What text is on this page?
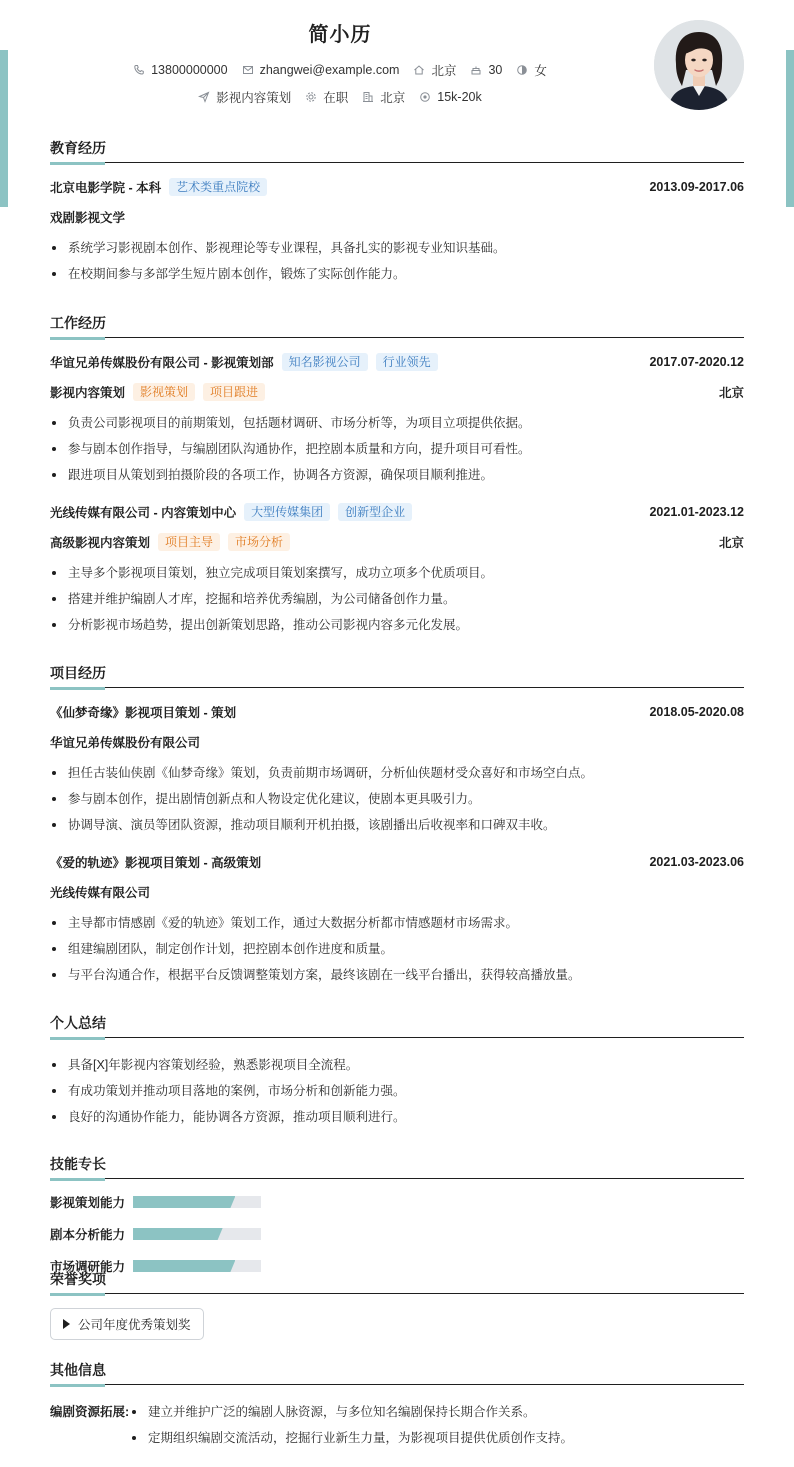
简小历
13800000000	zhangwei@example.com	北京	30	女
影视内容策划	在职	北京	15k-20k
教育经历
北京电影学院 - 本科	艺术类重点院校	2013.09-2017.06
戏剧影视文学
系统学习影视剧本创作、影视理论等专业课程，具备扎实的影视专业知识基础。
在校期间参与多部学生短片剧本创作，锻炼了实际创作能力。
工作经历
华谊兄弟传媒股份有限公司 - 影视策划部	知名影视公司	行业领先	2017.07-2020.12
影视内容策划	影视策划	项目跟进	北京
负责公司影视项目的前期策划，包括题材调研、市场分析等，为项目立项提供依据。
参与剧本创作指导，与编剧团队沟通协作，把控剧本质量和方向，提升项目可看性。
跟进项目从策划到拍摄阶段的各项工作，协调各方资源，确保项目顺利推进。
光线传媒有限公司 - 内容策划中心	大型传媒集团	创新型企业	2021.01-2023.12
高级影视内容策划	项目主导	市场分析	北京
主导多个影视项目策划，独立完成项目策划案撰写，成功立项多个优质项目。
搭建并维护编剧人才库，挖掘和培养优秀编剧，为公司储备创作力量。
分析影视市场趋势，提出创新策划思路，推动公司影视内容多元化发展。
项目经历
《仙梦奇缘》影视项目策划 - 策划	2018.05-2020.08
华谊兄弟传媒股份有限公司
担任古装仙侠剧《仙梦奇缘》策划，负责前期市场调研，分析仙侠题材受众喜好和市场空白点。
参与剧本创作，提出剧情创新点和人物设定优化建议，使剧本更具吸引力。
协调导演、演员等团队资源，推动项目顺利开机拍摄，该剧播出后收视率和口碑双丰收。
《爱的轨迹》影视项目策划 - 高级策划	2021.03-2023.06
光线传媒有限公司
主导都市情感剧《爱的轨迹》策划工作，通过大数据分析都市情感题材市场需求。
组建编剧团队，制定创作计划，把控剧本创作进度和质量。
与平台沟通合作，根据平台反馈调整策划方案，最终该剧在一线平台播出，获得较高播放量。
个人总结
具备[X]年影视内容策划经验，熟悉影视项目全流程。
有成功策划并推动项目落地的案例，市场分析和创新能力强。
良好的沟通协作能力，能协调各方资源，推动项目顺利进行。
技能专长
影视策划能力
剧本分析能力
市场调研能力
荣誉奖项
公司年度优秀策划奖
其他信息
编剧资源拓展:	建立并维护广泛的编剧人脉资源，与多位知名编剧保持长期合作关系。
定期组织编剧交流活动，挖掘行业新生力量，为影视项目提供优质创作支持。
